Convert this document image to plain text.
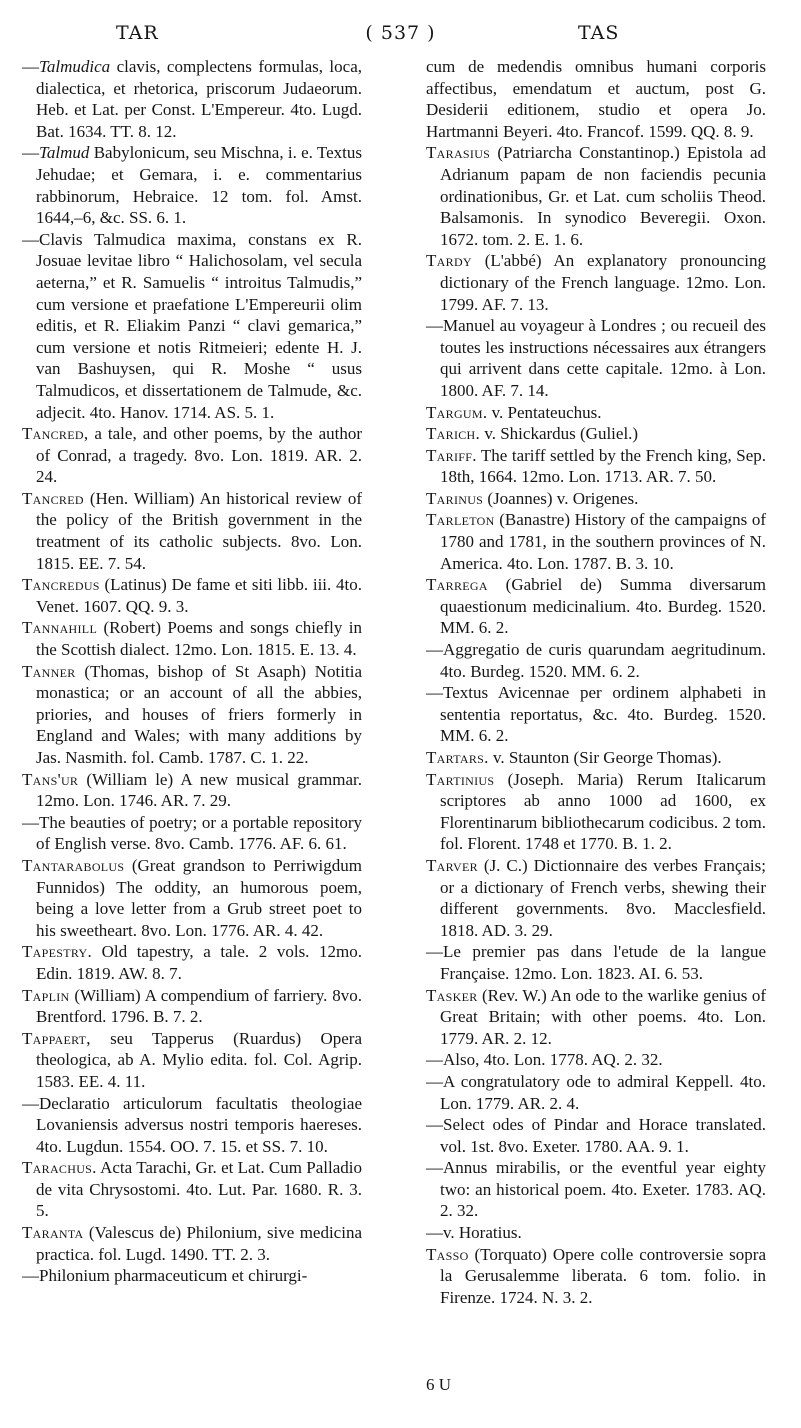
TAR	( 537 )	TAS

—Talmudica clavis, complectens formulas, loca, dialectica, et rhetorica, priscorum Judaeorum. Heb. et Lat. per Const. L'Empereur. 4to. Lugd. Bat. 1634. TT. 8. 12.

—Talmud Babylonicum, seu Mischna, i. e. Textus Jehudae; et Gemara, i. e. commentarius rabbinorum, Hebraice. 12 tom. fol. Amst. 1644,–6, &c. SS. 6. 1.

—Clavis Talmudica maxima, constans ex R. Josuae levitae libro “ Halichosolam, vel secula aeterna,” et R. Samuelis “ introitus Talmudis,” cum versione et praefatione L'Empereurii olim editis, et R. Eliakim Panzi “ clavi gemarica,” cum versione et notis Ritmeieri; edente H. J. van Bashuysen, qui R. Moshe “ usus Talmudicos, et dissertationem de Talmude, &c. adjecit. 4to. Hanov. 1714. AS. 5. 1.

Tancred, a tale, and other poems, by the author of Conrad, a tragedy. 8vo. Lon. 1819. AR. 2. 24.

Tancred (Hen. William) An historical review of the policy of the British government in the treatment of its catholic subjects. 8vo. Lon. 1815. EE. 7. 54.

Tancredus (Latinus) De fame et siti libb. iii. 4to. Venet. 1607. QQ. 9. 3.

Tannahill (Robert) Poems and songs chiefly in the Scottish dialect. 12mo. Lon. 1815. E. 13. 4.

Tanner (Thomas, bishop of St Asaph) Notitia monastica; or an account of all the abbies, priories, and houses of friers formerly in England and Wales; with many additions by Jas. Nasmith. fol. Camb. 1787. C. 1. 22.

Tans'ur (William le) A new musical grammar. 12mo. Lon. 1746. AR. 7. 29.

—The beauties of poetry; or a portable repository of English verse. 8vo. Camb. 1776. AF. 6. 61.

Tantarabolus (Great grandson to Perriwigdum Funnidos) The oddity, an humorous poem, being a love letter from a Grub street poet to his sweetheart. 8vo. Lon. 1776. AR. 4. 42.

Tapestry. Old tapestry, a tale. 2 vols. 12mo. Edin. 1819. AW. 8. 7.

Taplin (William) A compendium of farriery. 8vo. Brentford. 1796. B. 7. 2.

Tappaert, seu Tapperus (Ruardus) Opera theologica, ab A. Mylio edita. fol. Col. Agrip. 1583. EE. 4. 11.

—Declaratio articulorum facultatis theologiae Lovaniensis adversus nostri temporis haereses. 4to. Lugdun. 1554. OO. 7. 15. et SS. 7. 10.

Tarachus. Acta Tarachi, Gr. et Lat. Cum Palladio de vita Chrysostomi. 4to. Lut. Par. 1680. R. 3. 5.

Taranta (Valescus de) Philonium, sive medicina practica. fol. Lugd. 1490. TT. 2. 3.

—Philonium pharmaceuticum et chirurgi-

cum de medendis omnibus humani corporis affectibus, emendatum et auctum, post G. Desiderii editionem, studio et opera Jo. Hartmanni Beyeri. 4to. Francof. 1599. QQ. 8. 9.

Tarasius (Patriarcha Constantinop.) Epistola ad Adrianum papam de non faciendis pecunia ordinationibus, Gr. et Lat. cum scholiis Theod. Balsamonis. In synodico Beveregii. Oxon. 1672. tom. 2. E. 1. 6.

Tardy (L'abbé) An explanatory pronouncing dictionary of the French language. 12mo. Lon. 1799. AF. 7. 13.

—Manuel au voyageur à Londres ; ou recueil des toutes les instructions nécessaires aux étrangers qui arrivent dans cette capitale. 12mo. à Lon. 1800. AF. 7. 14.

Targum. v. Pentateuchus.

Tarich. v. Shickardus (Guliel.)

Tariff. The tariff settled by the French king, Sep. 18th, 1664. 12mo. Lon. 1713. AR. 7. 50.

Tarinus (Joannes) v. Origenes.

Tarleton (Banastre) History of the campaigns of 1780 and 1781, in the southern provinces of N. America. 4to. Lon. 1787. B. 3. 10.

Tarrega (Gabriel de) Summa diversarum quaestionum medicinalium. 4to. Burdeg. 1520. MM. 6. 2.

—Aggregatio de curis quarundam aegritudinum. 4to. Burdeg. 1520. MM. 6. 2.

—Textus Avicennae per ordinem alphabeti in sententia reportatus, &c. 4to. Burdeg. 1520. MM. 6. 2.

Tartars. v. Staunton (Sir George Thomas).

Tartinius (Joseph. Maria) Rerum Italicarum scriptores ab anno 1000 ad 1600, ex Florentinarum bibliothecarum codicibus. 2 tom. fol. Florent. 1748 et 1770. B. 1. 2.

Tarver (J. C.) Dictionnaire des verbes Français; or a dictionary of French verbs, shewing their different governments. 8vo. Macclesfield. 1818. AD. 3. 29.

—Le premier pas dans l'etude de la langue Française. 12mo. Lon. 1823. AI. 6. 53.

Tasker (Rev. W.) An ode to the warlike genius of Great Britain; with other poems. 4to. Lon. 1779. AR. 2. 12.

—Also, 4to. Lon. 1778. AQ. 2. 32.

—A congratulatory ode to admiral Keppell. 4to. Lon. 1779. AR. 2. 4.

—Select odes of Pindar and Horace translated. vol. 1st. 8vo. Exeter. 1780. AA. 9. 1.

—Annus mirabilis, or the eventful year eighty two: an historical poem. 4to. Exeter. 1783. AQ. 2. 32.

—v. Horatius.

Tasso (Torquato) Opere colle controversie sopra la Gerusalemme liberata. 6 tom. folio. in Firenze. 1724. N. 3. 2.

6 U
